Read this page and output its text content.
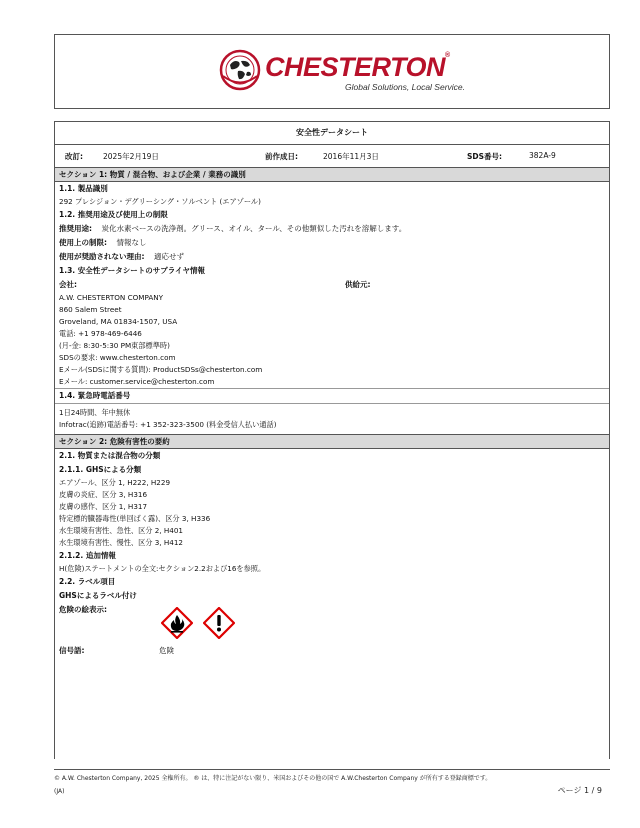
CHESTERTON®
Global Solutions, Local Service.
安全性データシート
改訂:	2025年2月19日	前作成日:	2016年11月3日	SDS番号:	382A-9
セクション 1: 物質 / 混合物、および企業 / 業務の識別
1.1. 製品識別
292 プレシジョン・デグリーシング・ソルベント (エアゾール)
1.2. 推奨用途及び使用上の制限
推奨用途: 炭化水素ベースの洗浄剤。グリース、オイル、タール、その他類似した汚れを溶解します。
使用上の制限: 情報なし
使用が奨励されない理由: 適応せず
1.3. 安全性データシートのサプライヤ情報
会社:	供給元:
A.W. CHESTERTON COMPANY
860 Salem Street
Groveland, MA 01834-1507, USA
電話: +1 978-469-6446
(月-金: 8:30-5:30 PM東部標準時)
SDSの要求: www.chesterton.com
Eメール(SDSに関する質問): ProductSDSs@chesterton.com
Eメール: customer.service@chesterton.com
1.4. 緊急時電話番号
1日24時間、年中無休
Infotrac(追跡)電話番号: +1 352-323-3500 (料金受信人払い通話)
セクション 2: 危険有害性の要約
2.1. 物質または混合物の分類
2.1.1. GHSによる分類
エアゾール、区分 1, H222, H229
皮膚の炎症、区分 3, H316
皮膚の感作、区分 1, H317
特定標的臓器毒性(単回ばく露)、区分 3, H336
水生環境有害性、急性、区分 2, H401
水生環境有害性、慢性、区分 3, H412
2.1.2. 追加情報
H(危険)ステートメントの全文:セクション2.2および16を参照。
2.2. ラベル項目
GHSによるラベル付け
危険の絵表示:
信号語:	危険
© A.W. Chesterton Company, 2025 全権所有。 ® は、特に注記がない限り、米国およびその他の国で A.W.Chesterton Company が所有する登録商標です。
(JA)	ページ 1 / 9
